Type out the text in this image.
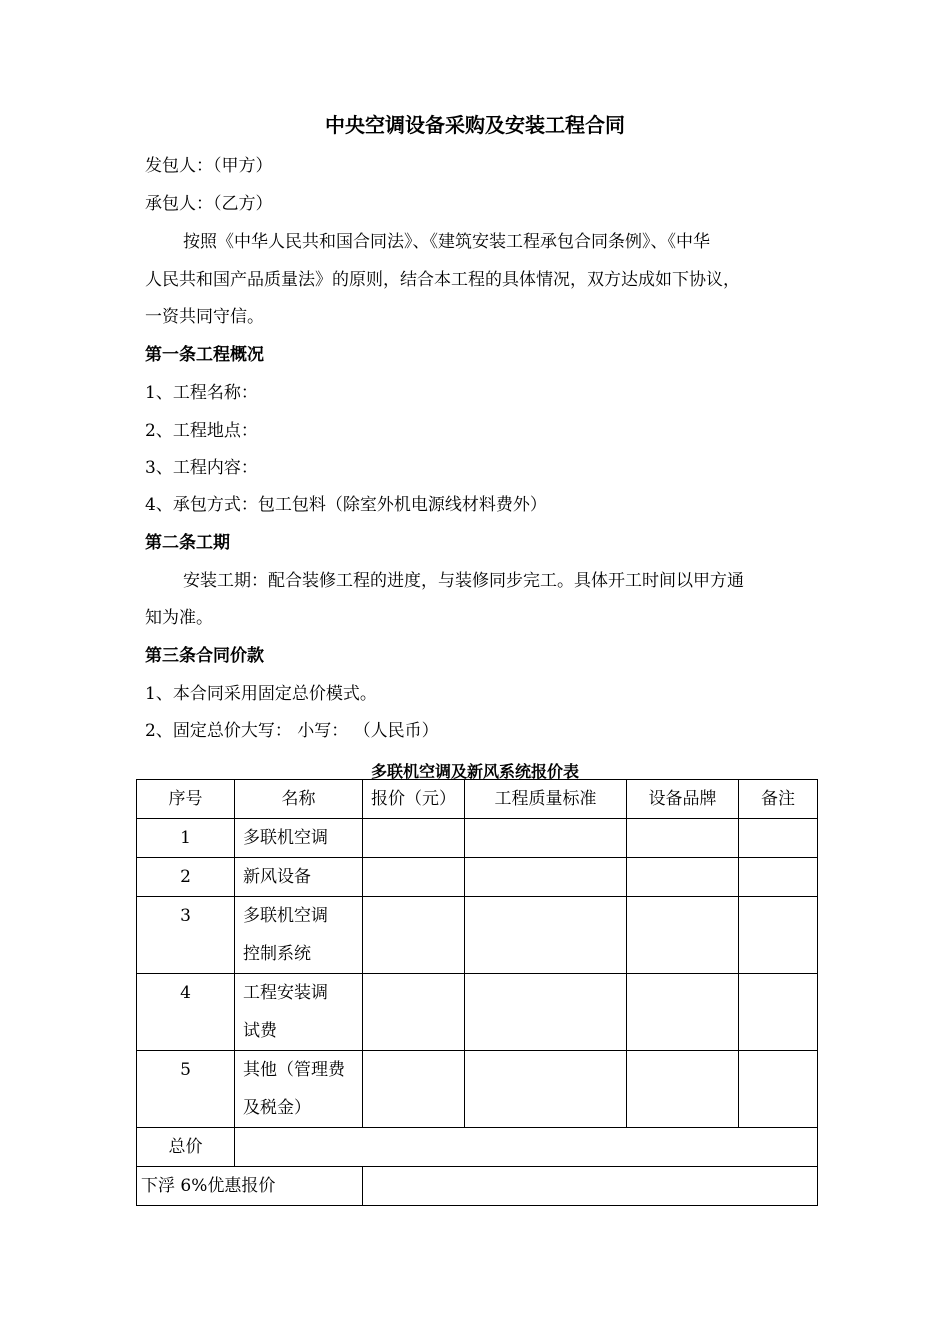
中央空调设备采购及安装工程合同
发包人：（甲方）
承包人：（乙方）
按照《中华人民共和国合同法》、《建筑安装工程承包合同条例》、《中华
人民共和国产品质量法》的原则，结合本工程的具体情况，双方达成如下协议，
一资共同守信。
第一条工程概况
1、工程名称：
2、工程地点：
3、工程内容：
4、承包方式：包工包料（除室外机电源线材料费外）
第二条工期
安装工期：配合装修工程的进度，与装修同步完工。具体开工时间以甲方通
知为准。
第三条合同价款
1、本合同采用固定总价模式。
2、固定总价大写： 小写： （人民币）
多联机空调及新风系统报价表
序号	名称	报价（元）	工程质量标准	设备品牌	备注
1	多联机空调				
2	新风设备				
3	多联机空调
控制系统				

4	工程安装调
试费				

5	其他（管理费
及税金）				

总价					
下浮 6%优惠报价					
